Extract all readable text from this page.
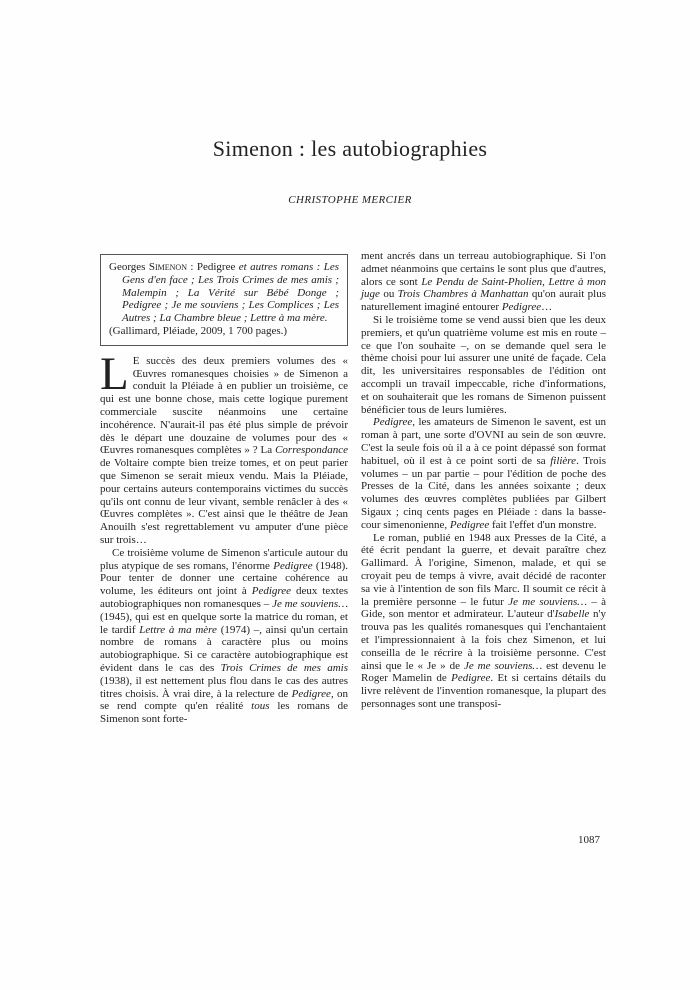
Simenon : les autobiographies
CHRISTOPHE MERCIER

Georges Simenon : Pedigree et autres romans : Les Gens d'en face ; Les Trois Crimes de mes amis ; Malempin ; La Vérité sur Bébé Donge ; Pedigree ; Je me souviens ; Les Complices ; Les Autres ; La Chambre bleue ; Lettre à ma mère.

(Gallimard, Pléiade, 2009, 1 700 pages.)

L E succès des deux premiers volumes des « Œuvres romanesques choisies » de Simenon a conduit la Pléiade à en publier un troisième, ce qui est une bonne chose, mais cette logique purement commerciale suscite néanmoins une certaine incohérence. N'aurait-il pas été plus simple de prévoir dès le départ une douzaine de volumes pour des « Œuvres romanesques complètes » ? La Correspondance de Voltaire compte bien treize tomes, et on peut parier que Simenon se serait mieux vendu. Mais la Pléiade, pour certains auteurs contemporains victimes du succès qu'ils ont connu de leur vivant, semble renâcler à des « Œuvres complètes ». C'est ainsi que le théâtre de Jean Anouilh s'est regrettablement vu amputer d'une pièce sur trois…

Ce troisième volume de Simenon s'articule autour du plus atypique de ses romans, l'énorme Pedigree (1948). Pour tenter de donner une certaine cohérence au volume, les éditeurs ont joint à Pedigree deux textes autobiographiques non romanesques – Je me souviens… (1945), qui est en quelque sorte la matrice du roman, et le tardif Lettre à ma mère (1974) –, ainsi qu'un certain nombre de romans à caractère plus ou moins autobiographique. Si ce caractère autobiographique est évident dans le cas des Trois Crimes de mes amis (1938), il est nettement plus flou dans le cas des autres titres choisis. À vrai dire, à la relecture de Pedigree, on se rend compte qu'en réalité tous les romans de Simenon sont forte-

ment ancrés dans un terreau autobiographique. Si l'on admet néanmoins que certains le sont plus que d'autres, alors ce sont Le Pendu de Saint-Pholien, Lettre à mon juge ou Trois Chambres à Manhattan qu'on aurait plus naturellement imaginé entourer Pedigree…

Si le troisième tome se vend aussi bien que les deux premiers, et qu'un quatrième volume est mis en route – ce que l'on souhaite –, on se demande quel sera le thème choisi pour lui assurer une unité de façade. Cela dit, les universitaires responsables de l'édition ont accompli un travail impeccable, riche d'informations, et on souhaiterait que les romans de Simenon puissent bénéficier tous de leurs lumières.

Pedigree, les amateurs de Simenon le savent, est un roman à part, une sorte d'OVNI au sein de son œuvre. C'est la seule fois où il a à ce point dépassé son format habituel, où il est à ce point sorti de sa filière. Trois volumes – un par partie – pour l'édition de poche des Presses de la Cité, dans les années soixante ; deux volumes des œuvres complètes publiées par Gilbert Sigaux ; cinq cents pages en Pléiade : dans la basse-cour simenonienne, Pedigree fait l'effet d'un monstre.

Le roman, publié en 1948 aux Presses de la Cité, a été écrit pendant la guerre, et devait paraître chez Gallimard. À l'origine, Simenon, malade, et qui se croyait peu de temps à vivre, avait décidé de raconter sa vie à l'intention de son fils Marc. Il soumit ce récit à la première personne – le futur Je me souviens… – à Gide, son mentor et admirateur. L'auteur d'Isabelle n'y trouva pas les qualités romanesques qui l'enchantaient et l'impressionnaient à la fois chez Simenon, et lui conseilla de le récrire à la troisième personne. C'est ainsi que le « Je » de Je me souviens… est devenu le Roger Mamelin de Pedigree. Et si certains détails du livre relèvent de l'invention romanesque, la plupart des personnages sont une transposi-

1087
